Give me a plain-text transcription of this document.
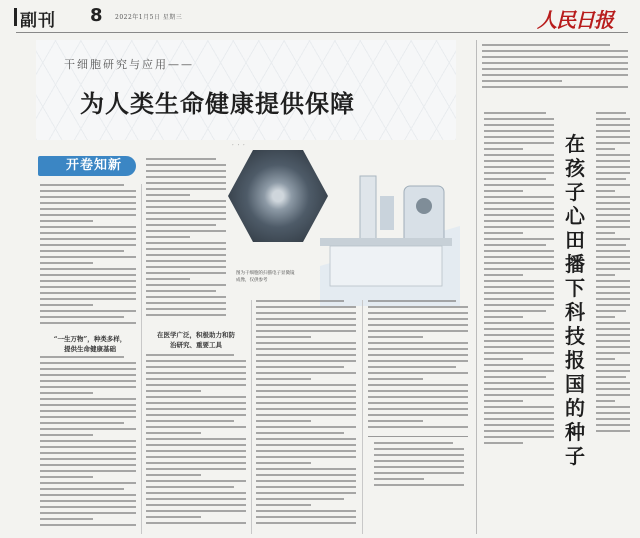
副刊 8 2022年1月5日 星期三	人民日报
干细胞研究与应用——
为人类生命健康提供保障
· · ·
开卷知新
图为干细胞的扫描电子显微镜
成像，仅供参考
“一生万物”，种类多样，
提供生命健康基础
在医学广泛，积极助力和防
治研究、重要工具
在
孩
子
心
田
播
下
科
技
报
国
的
种
子
